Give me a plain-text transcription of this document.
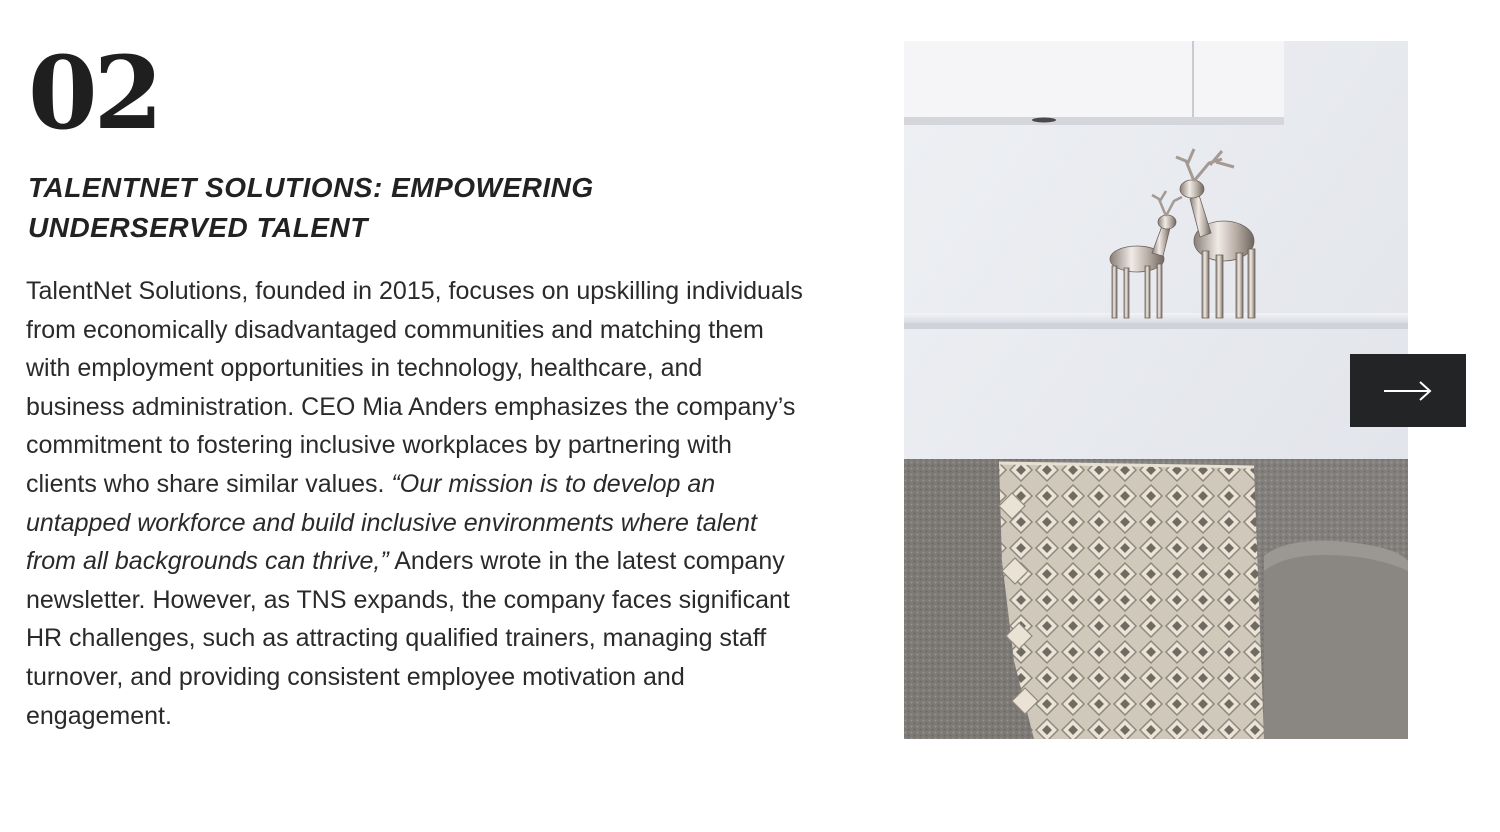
02
TALENTNET SOLUTIONS: EMPOWERING
UNDERSERVED TALENT

TalentNet Solutions, founded in 2015, focuses on upskilling individuals from economically disadvantaged communities and matching them with employment opportunities in technology, healthcare, and business administration. CEO Mia Anders emphasizes the company’s commitment to fostering inclusive workplaces by partnering with clients who share similar values. “Our mission is to develop an untapped workforce and build inclusive environments where talent from all backgrounds can thrive,” Anders wrote in the latest company newsletter. However, as TNS expands, the company faces significant HR challenges, such as attracting qualified trainers, managing staff turnover, and providing consistent employee motivation and engagement.
